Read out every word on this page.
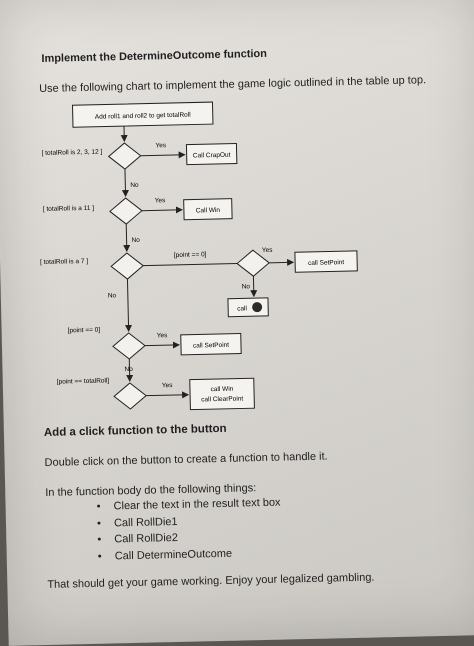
Implement the DetermineOutcome function
Use the following chart to implement the game logic outlined in the table up top.
Add roll1 and roll2 to get totalRoll
[ totalRoll is 2, 3, 12 ]
Yes
Call CrapOut
No
[ totalRoll is a 11 ]
Yes
Call Win
No
[ totalRoll is a 7 ]
[point == 0]
Yes
call SetPoint
No
call
No
[point == 0]
Yes
call SetPoint
No
[point == totalRoll]	Yes
call Win
call ClearPoint
Add a click function to the button
Double click on the button to create a function to handle it.
In the function body do the following things:
• Clear the text in the result text box
• Call RollDie1
• Call RollDie2
• Call DetermineOutcome
That should get your game working. Enjoy your legalized gambling.
